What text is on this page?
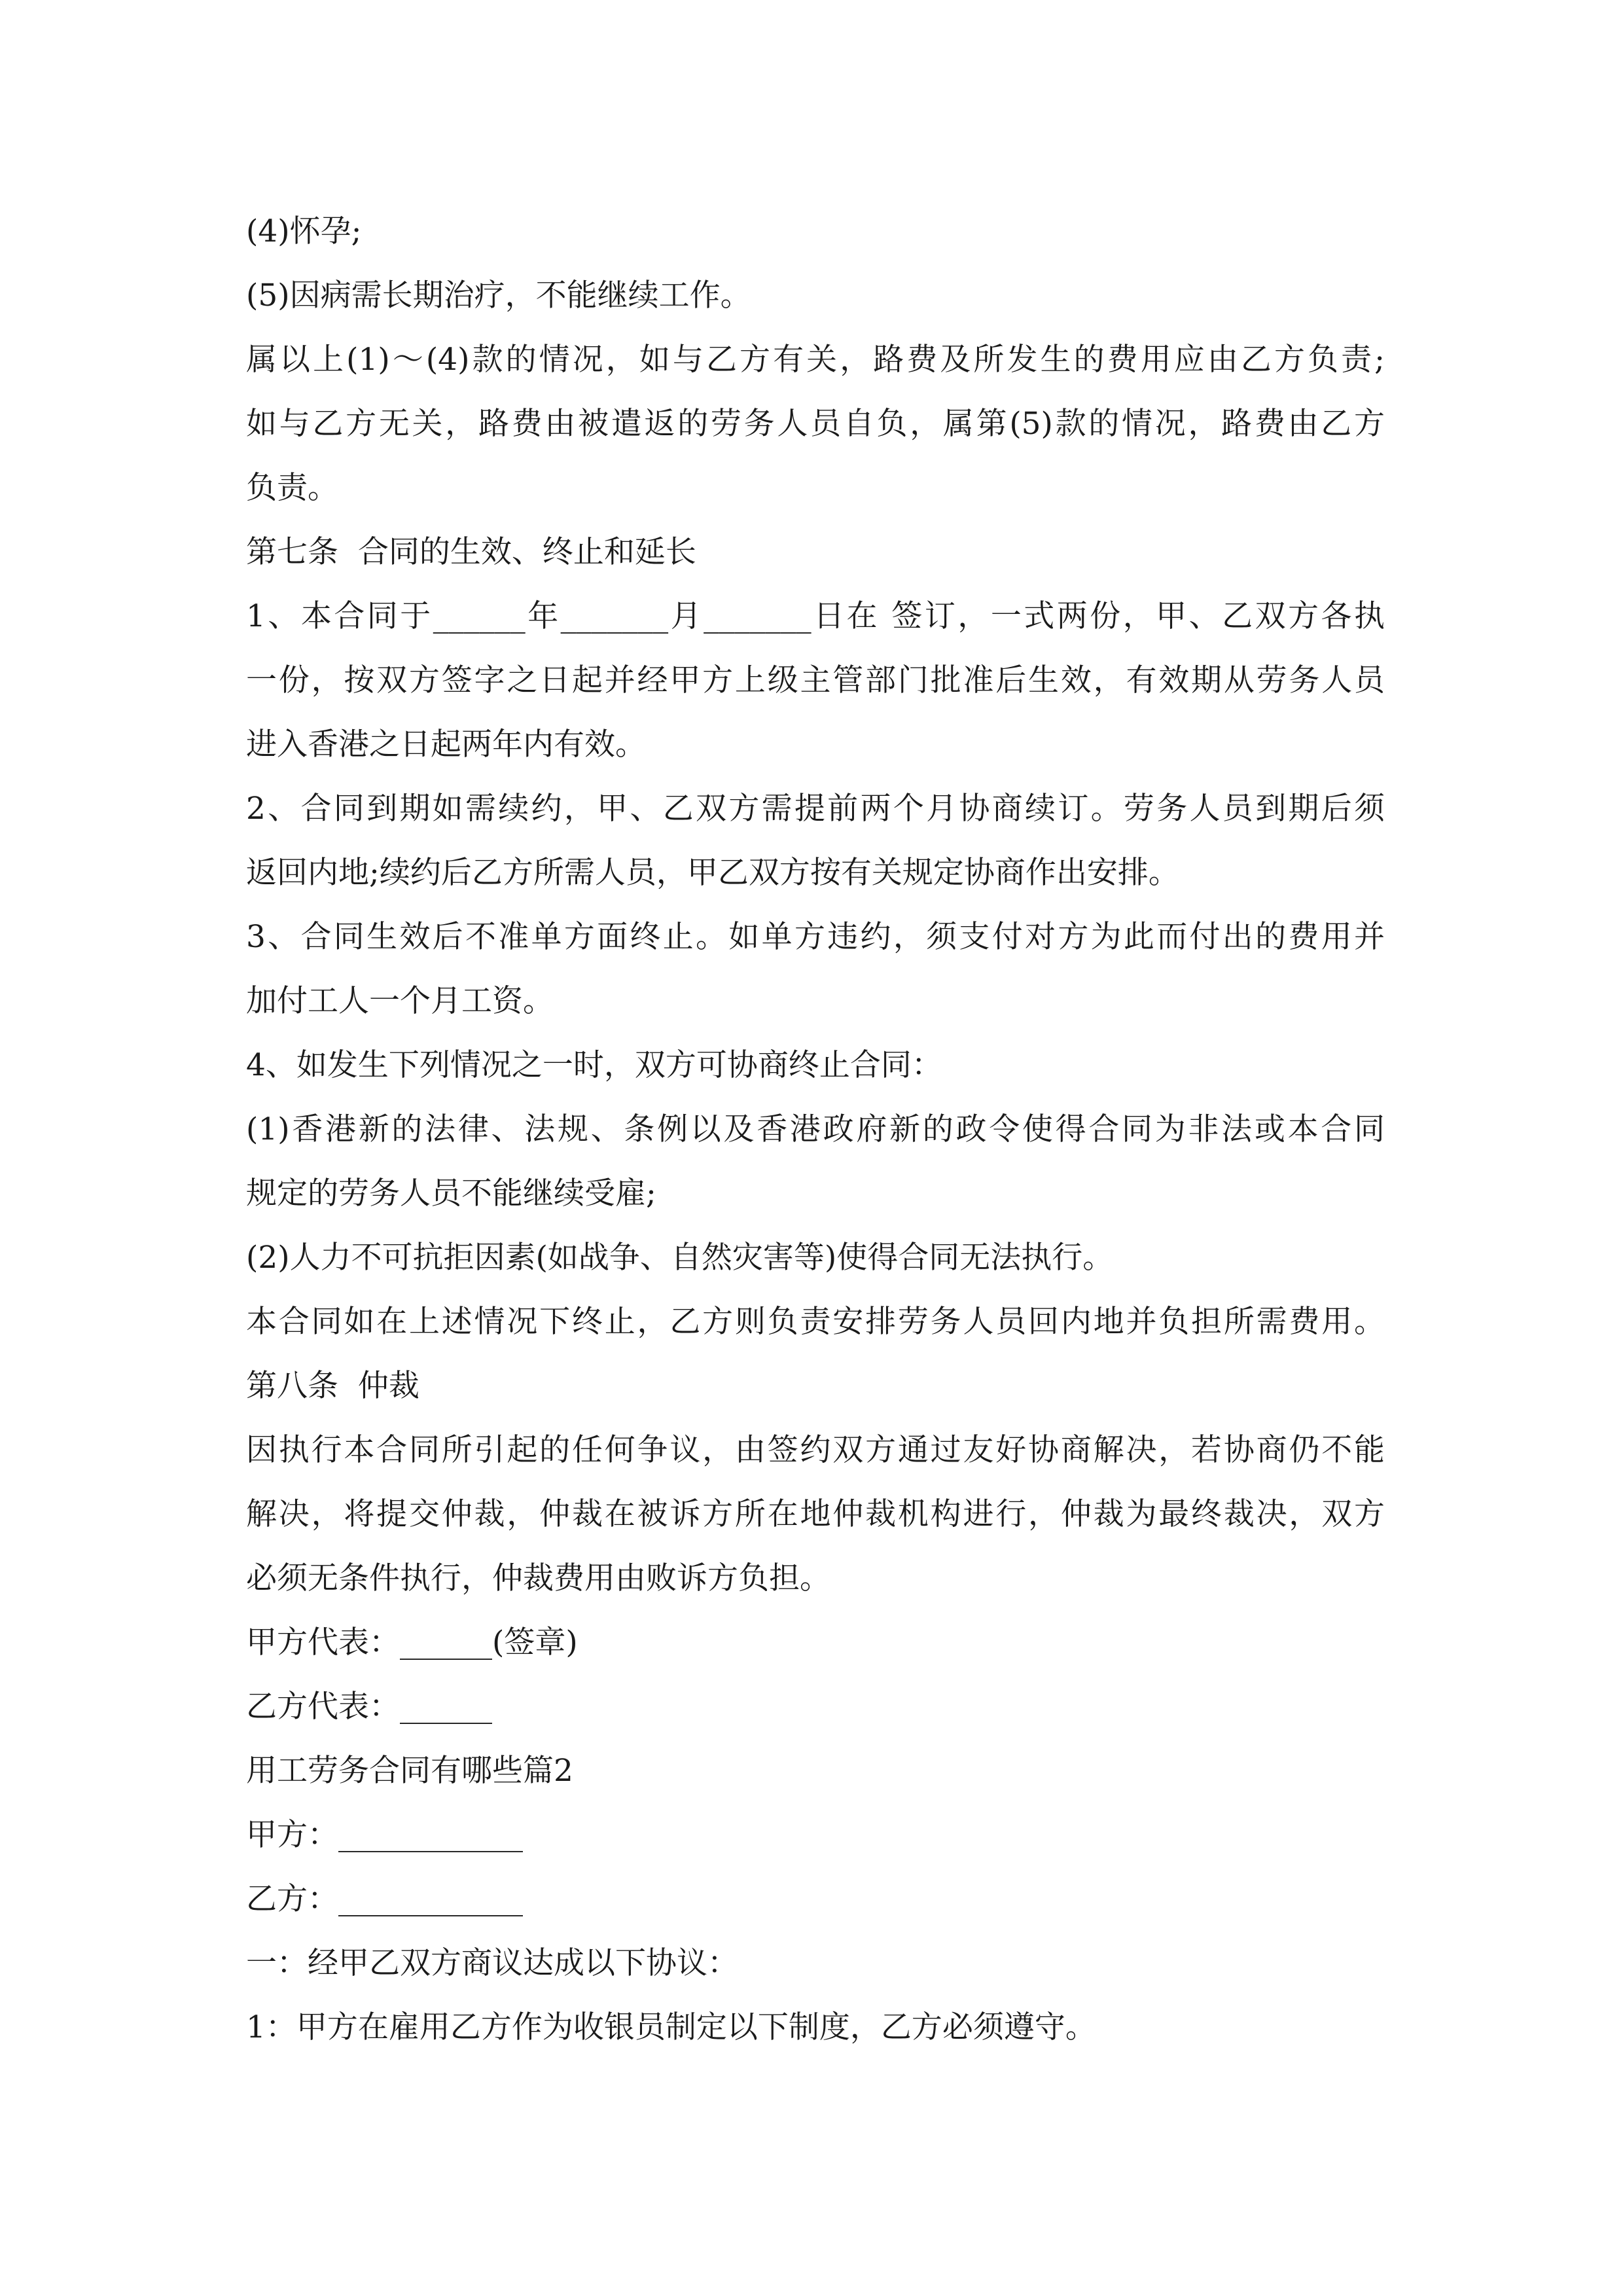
(4)怀孕;
(5)因病需长期治疗，不能继续工作。
属以上(1)～(4)款的情况，如与乙方有关，路费及所发生的费用应由乙方负责;
如与乙方无关，路费由被遣返的劳务人员自负，属第(5)款的情况，路费由乙方
负责。
第七条  合同的生效、终止和延长
1、本合同于______年_______月_______日在 签订，一式两份，甲、乙双方各执
一份，按双方签字之日起并经甲方上级主管部门批准后生效，有效期从劳务人员
进入香港之日起两年内有效。
2、合同到期如需续约，甲、乙双方需提前两个月协商续订。劳务人员到期后须
返回内地;续约后乙方所需人员，甲乙双方按有关规定协商作出安排。
3、合同生效后不准单方面终止。如单方违约，须支付对方为此而付出的费用并
加付工人一个月工资。
4、如发生下列情况之一时，双方可协商终止合同：
(1)香港新的法律、法规、条例以及香港政府新的政令使得合同为非法或本合同
规定的劳务人员不能继续受雇;
(2)人力不可抗拒因素(如战争、自然灾害等)使得合同无法执行。
本合同如在上述情况下终止，乙方则负责安排劳务人员回内地并负担所需费用。
第八条  仲裁
因执行本合同所引起的任何争议，由签约双方通过友好协商解决，若协商仍不能
解决，将提交仲裁，仲裁在被诉方所在地仲裁机构进行，仲裁为最终裁决，双方
必须无条件执行，仲裁费用由败诉方负担。
甲方代表：______(签章)
乙方代表：______
用工劳务合同有哪些篇2
甲方：____________
乙方：____________
一：经甲乙双方商议达成以下协议：
1：甲方在雇用乙方作为收银员制定以下制度，乙方必须遵守。
